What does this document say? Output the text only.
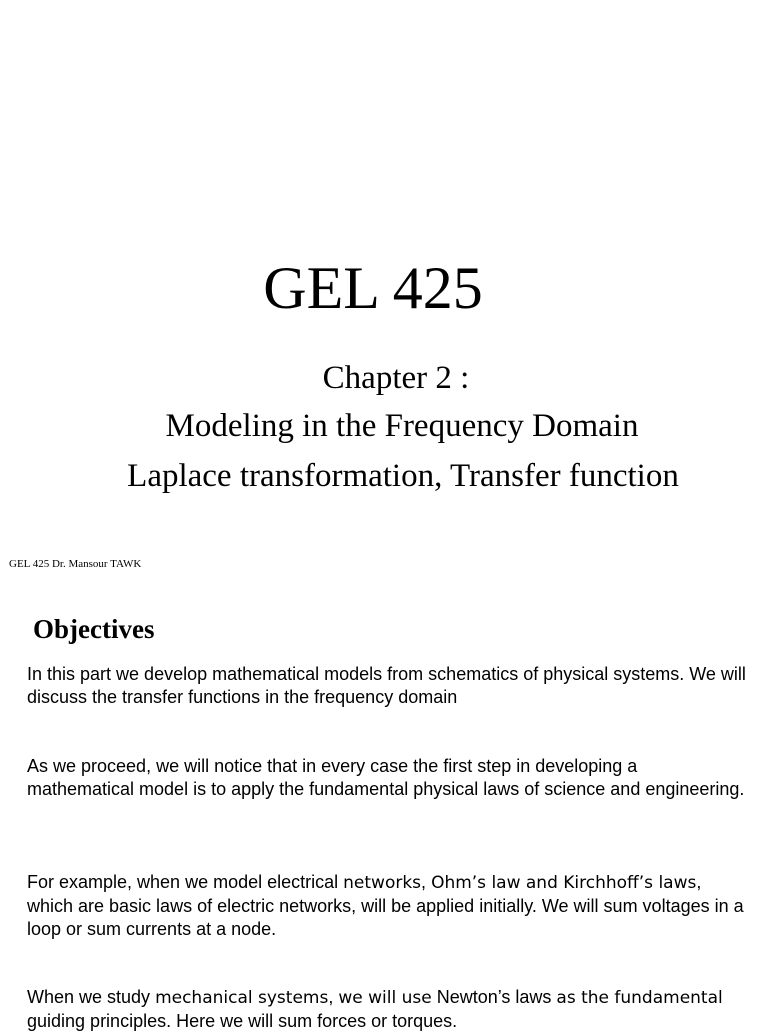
GEL 425
Chapter 2 :
Modeling in the Frequency Domain
Laplace transformation, Transfer function
GEL 425 Dr. Mansour TAWK
Objectives
In this part we develop mathematical models from schematics of physical systems. We will discuss the transfer functions in the frequency domain
As we proceed, we will notice that in every case the first step in developing a mathematical model is to apply the fundamental physical laws of science and engineering.
For example, when we model electrical networks, Ohm’s law and Kirchhoff’s laws, which are basic laws of electric networks, will be applied initially. We will sum voltages in a loop or sum currents at a node.
When we study mechanical systems, we will use Newton’s laws as the fundamental guiding principles. Here we will sum forces or torques.
